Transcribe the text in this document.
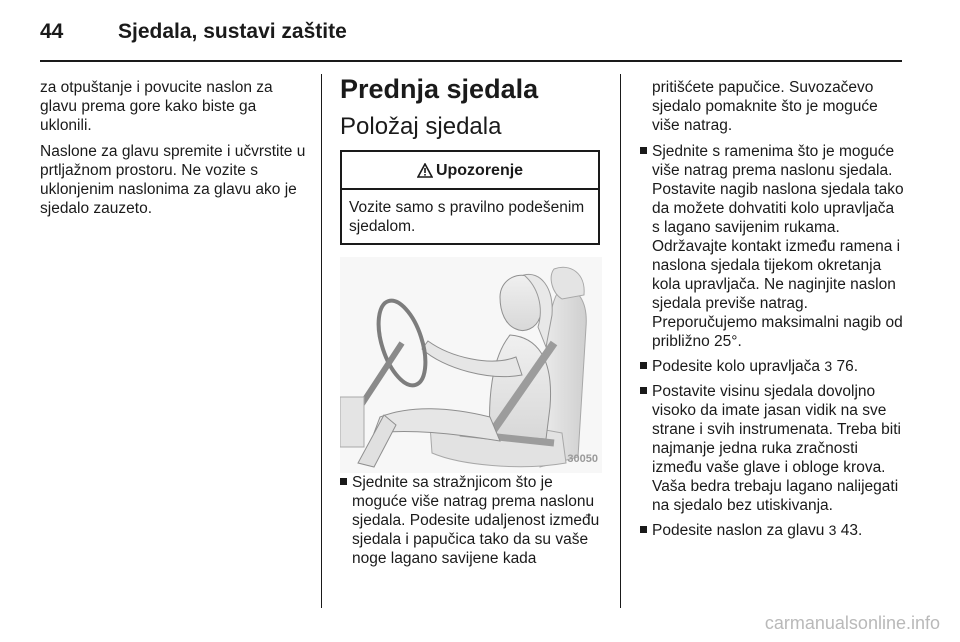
44	Sjedala, sustavi zaštite

za otpuštanje i povucite naslon za glavu prema gore kako biste ga uklonili.

Naslone za glavu spremite i učvrstite u prtljažnom prostoru. Ne vozite s uklonjenim naslonima za glavu ako je sjedalo zauzeto.

Prednja sjedala
Položaj sjedala
Upozorenje
Vozite samo s pravilno podešenim sjedalom.
30050
Sjednite sa stražnjicom što je moguće više natrag prema naslonu sjedala. Podesite udaljenost između sjedala i papučica tako da su vaše noge lagano savijene kada

pritišćete papučice. Suvozačevo sjedalo pomaknite što je moguće više natrag.

Sjednite s ramenima što je moguće više natrag prema naslonu sjedala. Postavite nagib naslona sjedala tako da možete dohvatiti kolo upravljača s lagano savijenim rukama. Održavajte kontakt između ramena i naslona sjedala tijekom okretanja kola upravljača. Ne naginjite naslon sjedala previše natrag. Preporučujemo maksimalni nagib od približno 25°.
Podesite kolo upravljača 3 76.
Postavite visinu sjedala dovoljno visoko da imate jasan vidik na sve strane i svih instrumenata. Treba biti najmanje jedna ruka zračnosti između vaše glave i obloge krova. Vaša bedra trebaju lagano nalijegati na sjedalo bez utiskivanja.
Podesite naslon za glavu 3 43.
carmanualsonline.info
